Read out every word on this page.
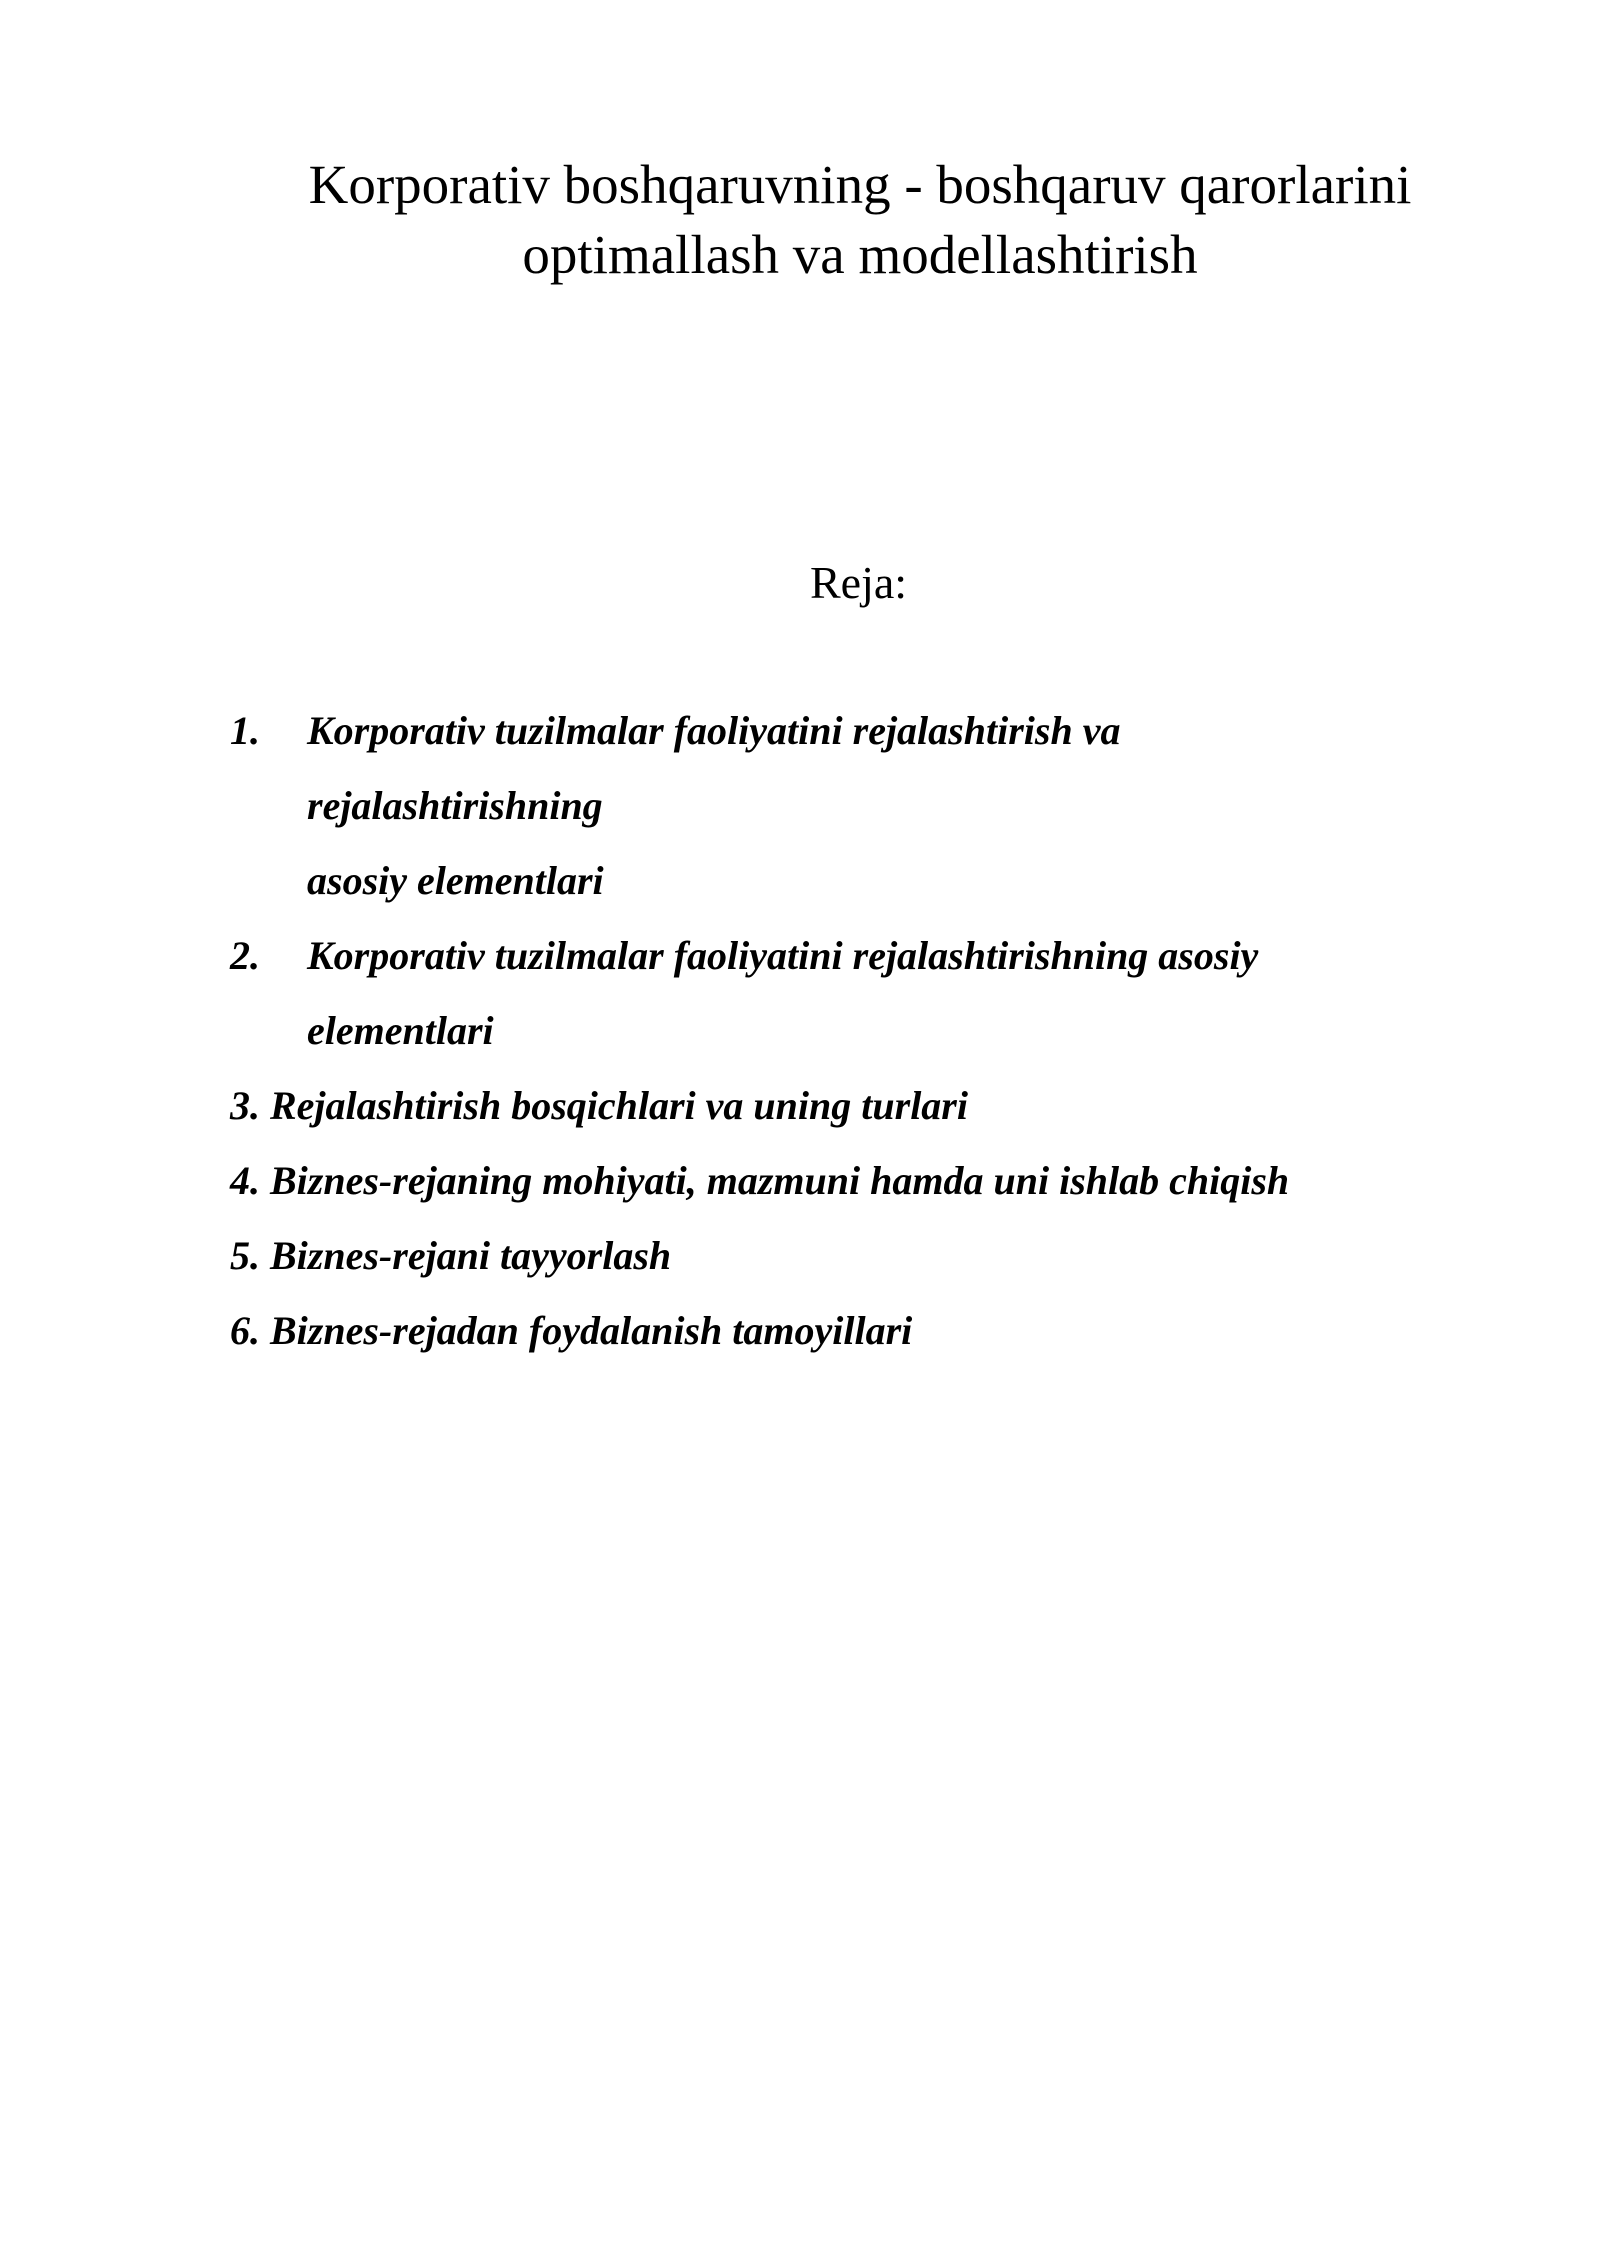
Korporativ boshqaruvning - boshqaruv qarorlarini
optimallash va modellashtirish
Reja:
1. Korporativ tuzilmalar faoliyatini rejalashtirish va
rejalashtirishning
asosiy elementlari
2. Korporativ tuzilmalar faoliyatini rejalashtirishning asosiy
elementlari
3. Rejalashtirish bosqichlari va uning turlari
4. Biznes-rejaning mohiyati, mazmuni hamda uni ishlab chiqish
5. Biznes-rejani tayyorlash
6. Biznes-rejadan foydalanish tamoyillari
